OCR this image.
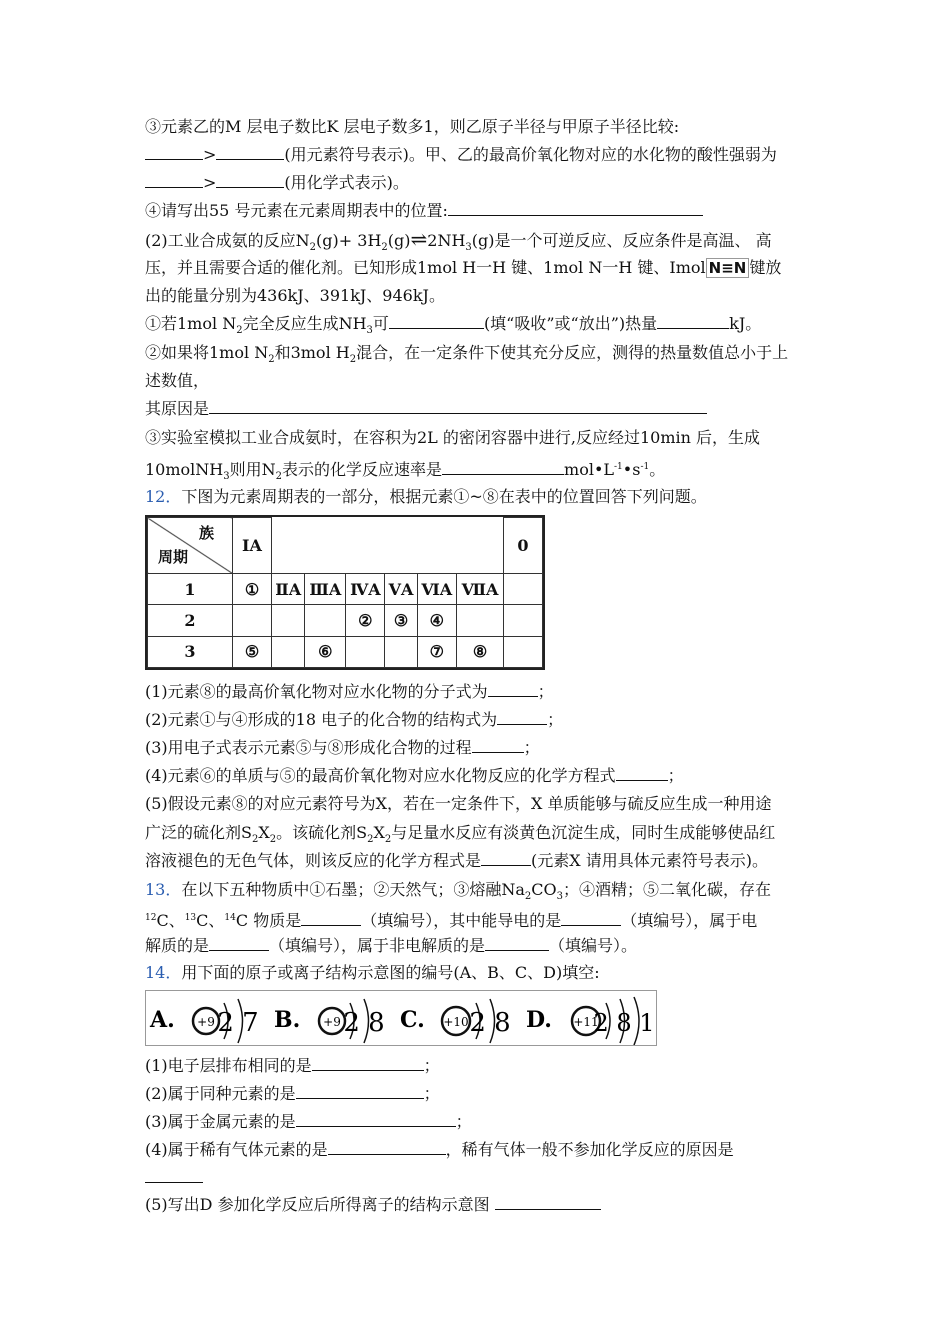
③元素乙的M 层电子数比K 层电子数多1，则乙原子半径与甲原子半径比较:
>	(用元素符号表示)。甲、乙的最高价氧化物对应的水化物的酸性强弱为
>	(用化学式表示)。
④请写出55 号元素在元素周期表中的位置:
(2)工业合成氨的反应$N_2(g)+$ $3H_2(g)\rightleftharpoons 2NH_3(g)$是一个可逆反应、反应条件是高温、 高
压，并且需要合适的催化剂。已知形成1mol H一H 键、1mol N一H 键、Imol N≡N 键放
出的能量分别为436kJ、391kJ、946kJ。
①若1mol $N_2$完全反应生成$NH_3$可	(填“吸收”或“放出”)热量	kJ。
②如果将1mol $N_2$和3mol $H_2$混合，在一定条件下使其充分反应，测得的热量数值总小于上
述数值，
其原因是
③实验室模拟工业合成氨时，在容积为2L 的密闭容器中进行,反应经过10min 后，生成
10molNH$_3$则用$N_2$表示的化学反应速率是	$mol•L^{-1}•s^{-1}$。
12．下图为元素周期表的一部分，根据元素①~⑧在表中的位置回答下列问题。
族
周期	IA							0
1	①	ⅡA	ⅢA	ⅣA	ⅤA	ⅥA	ⅦA	
2				②	③	④		
3	⑤		⑥			⑦	⑧	
(1)元素⑧的最高价氧化物对应水化物的分子式为	；
(2)元素①与④形成的18 电子的化合物的结构式为	；
(3)用电子式表示元素⑤与⑧形成化合物的过程	；
(4)元素⑥的单质与⑤的最高价氧化物对应水化物反应的化学方程式	；
(5)假设元素⑧的对应元素符号为X，若在一定条件下，X 单质能够与硫反应生成一种用途
广泛的硫化剂$S_2X_2$。该硫化剂$S_2X_2$与足量水反应有淡黄色沉淀生成，同时生成能够使品红
溶液褪色的无色气体，则该反应的化学方程式是	(元素X 请用具体元素符号表示)。
13．在以下五种物质中①石墨；②天然气；③熔融$Na_2CO_3$；④酒精；⑤二氧化碳，存在
$^{12}$C、$^{13}$C、$^{14}$C 物质是	（填编号），其中能导电的是	（填编号），属于电
解质的是	（填编号），属于非电解质的是	（填编号）。
14．用下面的原子或离子结构示意图的编号(A、B、C、D)填空:
A. +9 2 7 B. +9 2 8 C. +10 2 8 D. +11
2 8 1
(1)电子层排布相同的是	；
(2)属于同种元素的是	；
(3)属于金属元素的是	；
(4)属于稀有气体元素的是	，稀有气体一般不参加化学反应的原因是
(5)写出D 参加化学反应后所得离子的结构示意图
